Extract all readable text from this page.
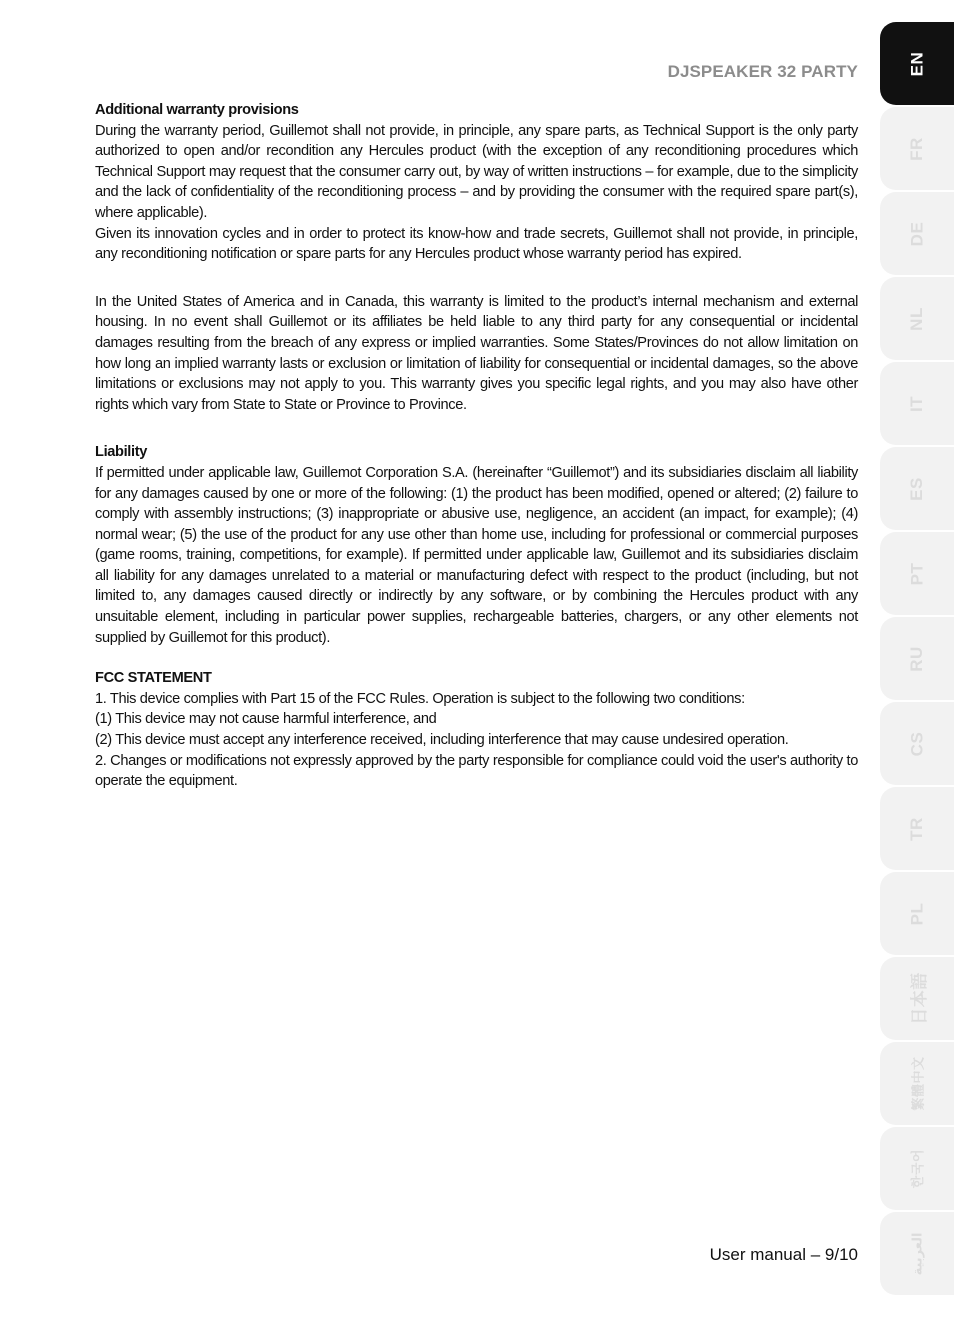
DJSPEAKER 32 PARTY

Additional warranty provisions

During the warranty period, Guillemot shall not provide, in principle, any spare parts, as Technical Support is the only party authorized to open and/or recondition any Hercules product (with the exception of any reconditioning procedures which Technical Support may request that the consumer carry out, by way of written instructions – for example, due to the simplicity and the lack of confidentiality of the reconditioning process – and by providing the consumer with the required spare part(s), where applicable).

Given its innovation cycles and in order to protect its know-how and trade secrets, Guillemot shall not provide, in principle, any reconditioning notification or spare parts for any Hercules product whose warranty period has expired.

In the United States of America and in Canada, this warranty is limited to the product’s internal mechanism and external housing. In no event shall Guillemot or its affiliates be held liable to any third party for any consequential or incidental damages resulting from the breach of any express or implied warranties. Some States/Provinces do not allow limitation on how long an implied warranty lasts or exclusion or limitation of liability for consequential or incidental damages, so the above limitations or exclusions may not apply to you. This warranty gives you specific legal rights, and you may also have other rights which vary from State to State or Province to Province.

Liability

If permitted under applicable law, Guillemot Corporation S.A. (hereinafter “Guillemot”) and its subsidiaries disclaim all liability for any damages caused by one or more of the following: (1) the product has been modified, opened or altered; (2) failure to comply with assembly instructions; (3) inappropriate or abusive use, negligence, an accident (an impact, for example); (4) normal wear; (5) the use of the product for any use other than home use, including for professional or commercial purposes (game rooms, training, competitions, for example). If permitted under applicable law, Guillemot and its subsidiaries disclaim all liability for any damages unrelated to a material or manufacturing defect with respect to the product (including, but not limited to, any damages caused directly or indirectly by any software, or by combining the Hercules product with any unsuitable element, including in particular power supplies, rechargeable batteries, chargers, or any other elements not supplied by Guillemot for this product).

FCC STATEMENT

1. This device complies with Part 15 of the FCC Rules. Operation is subject to the following two conditions:

(1) This device may not cause harmful interference, and

(2) This device must accept any interference received, including interference that may cause undesired operation.

2. Changes or modifications not expressly approved by the party responsible for compliance could void the user's authority to operate the equipment.

User manual – 9/10
EN
FR
DE
NL
IT
ES
PT
RU
CS
TR
PL
日本語
繁體中文
한국어
العربية
